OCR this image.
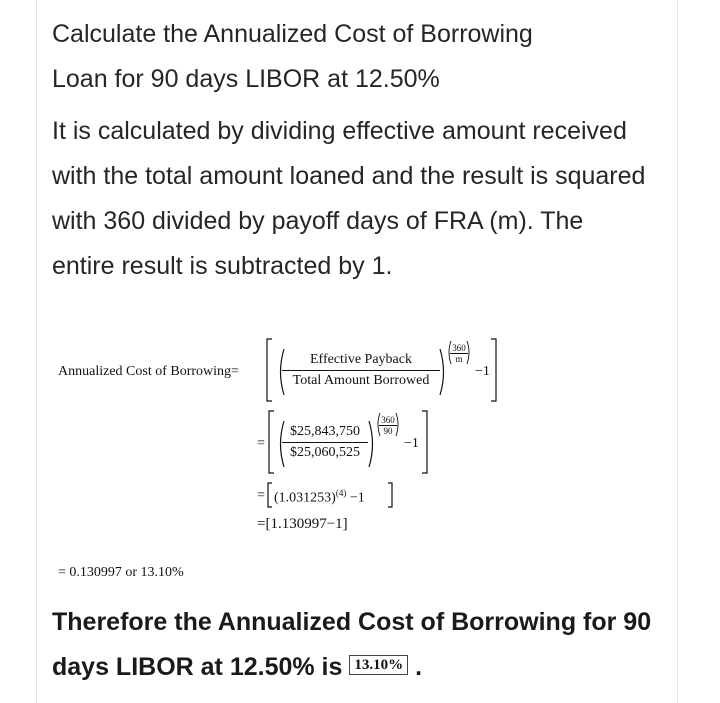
Calculate the Annualized Cost of Borrowing
Loan for 90 days LIBOR at 12.50%

It is calculated by dividing effective amount received with the total amount loaned and the result is squared with 360 divided by payoff days of FRA (m). The entire result is subtracted by 1.

Annualized Cost of Borrowing=
Effective Payback
Total Amount Borrowed
$\frac{360}{m}$
−1
= $\frac{\$25,843,750}{\$25,060,525} \frac{360}{90}$
−1
= $(1.031253)^{(4)} -1$
=[1.130997−1]
= 0.130997 or 13.10%

Therefore the Annualized Cost of Borrowing for 90 days LIBOR at 12.50% is 13.10% .
